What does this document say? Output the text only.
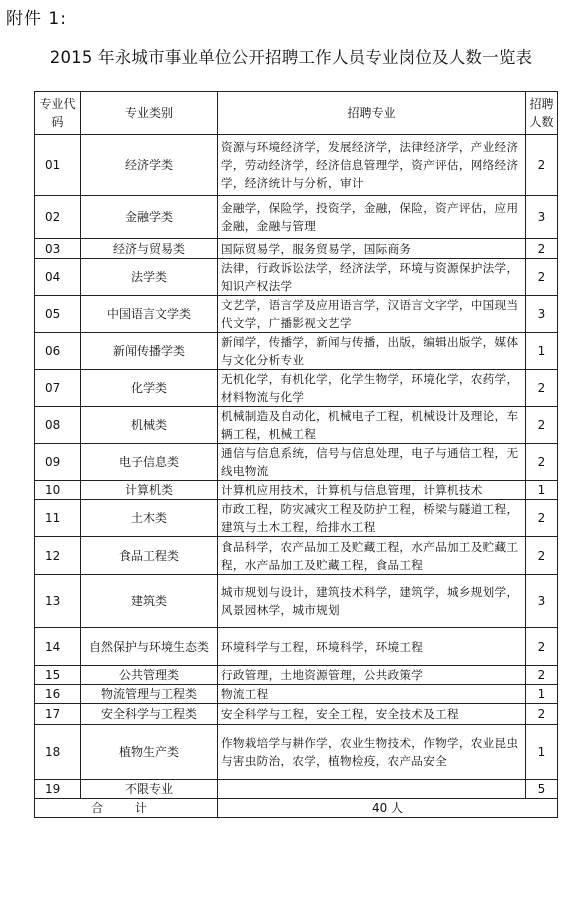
附件 1:
2015 年永城市事业单位公开招聘工作人员专业岗位及人数一览表
专业代码	专业类别	招聘专业	招聘人数
01	经济学类	资源与环境经济学，发展经济学，法律经济学，产业经济学，劳动经济学，经济信息管理学，资产评估，网络经济学，经济统计与分析，审计	2
02	金融学类	金融学，保险学，投资学，金融，保险，资产评估，应用金融，金融与管理	3
03	经济与贸易类	国际贸易学，服务贸易学，国际商务	2
04	法学类	法律，行政诉讼法学，经济法学，环境与资源保护法学，知识产权法学	2
05	中国语言文学类	文艺学，语言学及应用语言学，汉语言文字学，中国现当代文学，广播影视文艺学	3
06	新闻传播学类	新闻学，传播学，新闻与传播，出版，编辑出版学，媒体与文化分析专业	1
07	化学类	无机化学，有机化学，化学生物学，环境化学，农药学，材料物流与化学	2
08	机械类	机械制造及自动化，机械电子工程，机械设计及理论，车辆工程，机械工程	2
09	电子信息类	通信与信息系统，信号与信息处理，电子与通信工程，无线电物流	2
10	计算机类	计算机应用技术，计算机与信息管理，计算机技术	1
11	土木类	市政工程，防灾减灾工程及防护工程，桥梁与隧道工程，建筑与土木工程，给排水工程	2
12	食品工程类	食品科学，农产品加工及贮藏工程，水产品加工及贮藏工程，水产品加工及贮藏工程，食品工程	2
13	建筑类	城市规划与设计，建筑技术科学，建筑学，城乡规划学，风景园林学，城市规划	3
14	自然保护与环境生态类	环境科学与工程，环境科学，环境工程	2
15	公共管理类	行政管理，土地资源管理，公共政策学	2
16	物流管理与工程类	物流工程	1
17	安全科学与工程类	安全科学与工程，安全工程，安全技术及工程	2
18	植物生产类	作物栽培学与耕作学，农业生物技术，作物学，农业昆虫与害虫防治，农学，植物检疫，农产品安全	1
19	不限专业		5
合 计		40 人	
